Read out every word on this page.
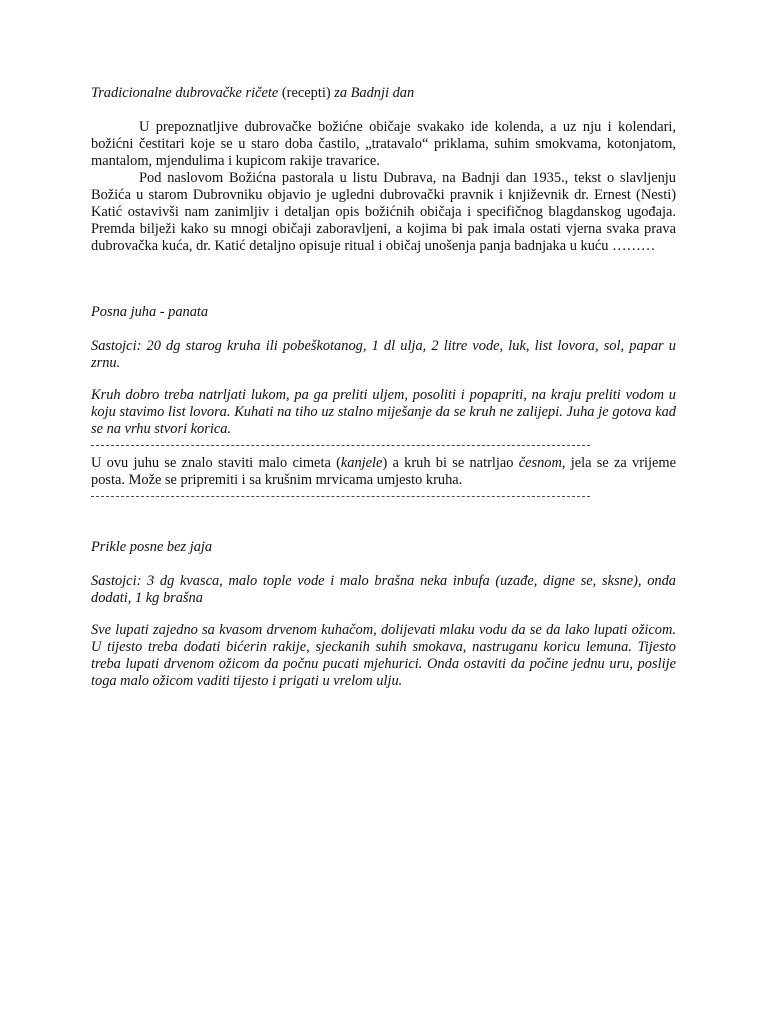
Tradicionalne dubrovačke ričete (recepti) za Badnji dan

U prepoznatljive dubrovačke božićne običaje svakako ide kolenda, a uz nju i kolendari, božićni čestitari koje se u staro doba častilo, „tratavalo“ priklama, suhim smokvama, kotonjatom, mantalom, mjendulima i kupicom rakije travarice.

Pod naslovom Božićna pastorala u listu Dubrava, na Badnji dan 1935., tekst o slavljenju Božića u starom Dubrovniku objavio je ugledni dubrovački pravnik i književnik dr. Ernest (Nesti) Katić ostavivši nam zanimljiv i detaljan opis božićnih običaja i specifičnog blagdanskog ugođaja. Premda bilježi kako su mnogi običaji zaboravljeni, a kojima bi pak imala ostati vjerna svaka prava dubrovačka kuća, dr. Katić detaljno opisuje ritual i običaj unošenja panja badnjaka u kuću ………

Posna juha - panata

Sastojci: 20 dg starog kruha ili pobeškotanog, 1 dl ulja, 2 litre vode, luk, list lovora, sol, papar u zrnu.

Kruh dobro treba natrljati lukom, pa ga preliti uljem, posoliti i popapriti, na kraju preliti vodom u koju stavimo list lovora. Kuhati na tiho uz stalno miješanje da se kruh ne zalijepi. Juha je gotova kad se na vrhu stvori korica.

U ovu juhu se znalo staviti malo cimeta (kanjele) a kruh bi se natrljao česnom, jela se za vrijeme posta. Može se pripremiti i sa krušnim mrvicama umjesto kruha.

Prikle posne bez jaja

Sastojci: 3 dg kvasca, malo tople vode i malo brašna neka inbufa (uzađe, digne se, sksne), onda dodati, 1 kg brašna

Sve lupati zajedno sa kvasom drvenom kuhačom, dolijevati mlaku vodu da se da lako lupati ožicom. U tijesto treba dodati bićerin rakije, sjeckanih suhih smokava, nastruganu koricu lemuna. Tijesto treba lupati drvenom ožicom da počnu pucati mjehurici. Onda ostaviti da počine jednu uru, poslije toga malo ožicom vaditi tijesto i prigati u vrelom ulju.
